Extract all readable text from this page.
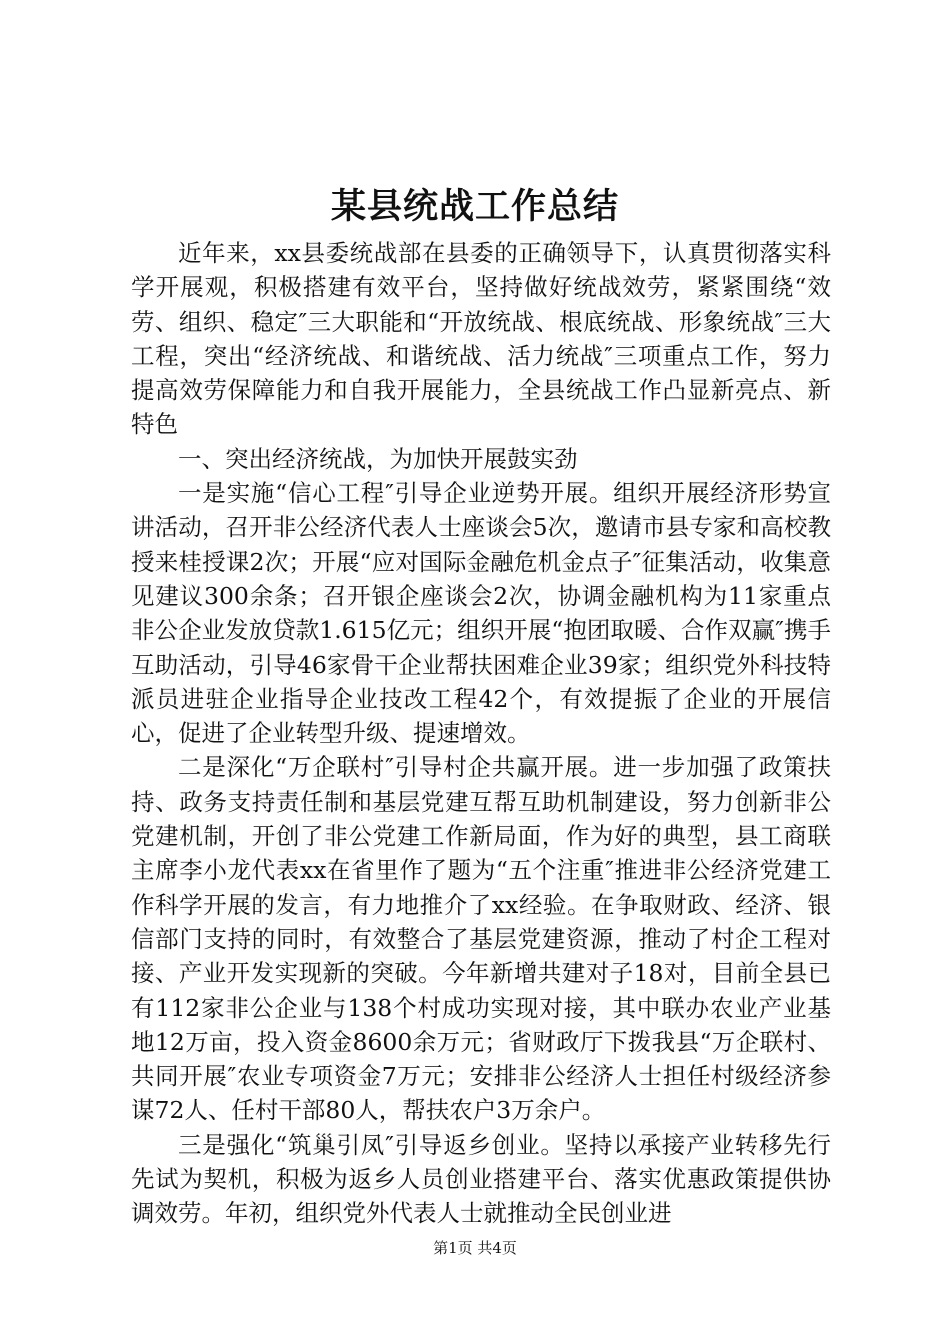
某县统战工作总结

近年来，xx县委统战部在县委的正确领导下，认真贯彻落实科学开展观，积极搭建有效平台，坚持做好统战效劳，紧紧围绕“效劳、组织、稳定″三大职能和“开放统战、根底统战、形象统战″三大工程，突出“经济统战、和谐统战、活力统战″三项重点工作，努力提高效劳保障能力和自我开展能力，全县统战工作凸显新亮点、新特色

一、突出经济统战，为加快开展鼓实劲

一是实施“信心工程″引导企业逆势开展。组织开展经济形势宣讲活动，召开非公经济代表人士座谈会5次，邀请市县专家和高校教授来桂授课2次；开展“应对国际金融危机金点子″征集活动，收集意见建议300余条；召开银企座谈会2次，协调金融机构为11家重点非公企业发放贷款1.615亿元；组织开展“抱团取暖、合作双赢″携手互助活动，引导46家骨干企业帮扶困难企业39家；组织党外科技特派员进驻企业指导企业技改工程42个，有效提振了企业的开展信心，促进了企业转型升级、提速增效。

二是深化“万企联村″引导村企共赢开展。进一步加强了政策扶持、政务支持责任制和基层党建互帮互助机制建设，努力创新非公党建机制，开创了非公党建工作新局面，作为好的典型，县工商联主席李小龙代表xx在省里作了题为“五个注重″推进非公经济党建工作科学开展的发言，有力地推介了xx经验。在争取财政、经济、银信部门支持的同时，有效整合了基层党建资源，推动了村企工程对接、产业开发实现新的突破。今年新增共建对子18对，目前全县已有112家非公企业与138个村成功实现对接，其中联办农业产业基地12万亩，投入资金8600余万元；省财政厅下拨我县“万企联村、共同开展″农业专项资金7万元；安排非公经济人士担任村级经济参谋72人、任村干部80人，帮扶农户3万余户。

三是强化“筑巢引凤″引导返乡创业。坚持以承接产业转移先行先试为契机，积极为返乡人员创业搭建平台、落实优惠政策提供协调效劳。年初，组织党外代表人士就推动全民创业进

第1页 共4页
